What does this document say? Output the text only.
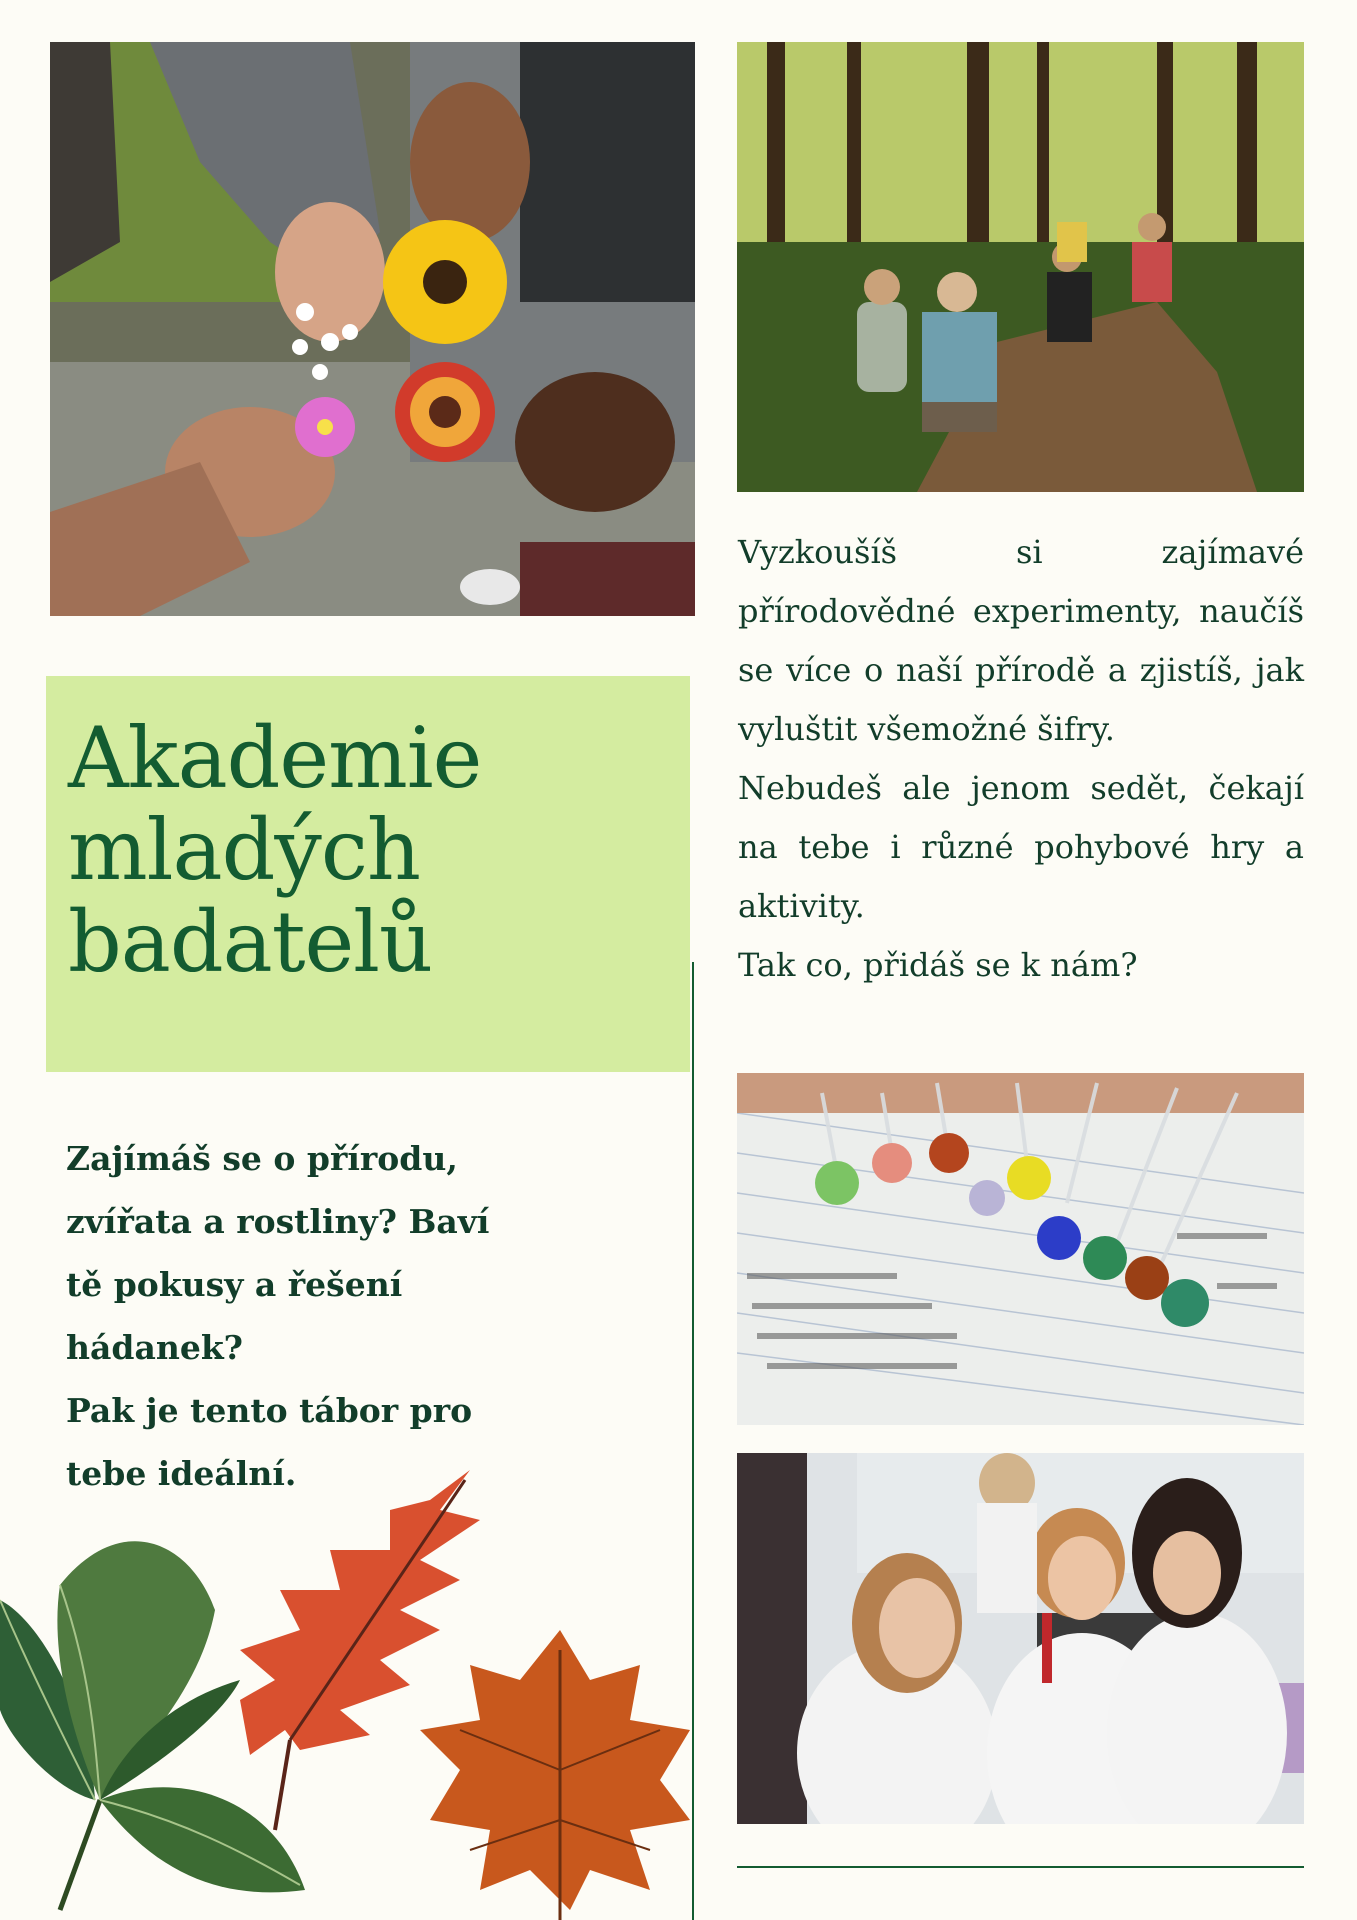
Akademie
mladých
badatelů

Vyzkoušíš si zajímavé přírodovědné experimenty, naučíš se více o naší přírodě a zjistíš, jak vyluštit všemožné šifry.

Nebudeš ale jenom sedět, čekají na tebe i různé pohybové hry a aktivity.

Tak co, přidáš se k nám?

Zajímáš se o přírodu,

zvířata a rostliny? Baví

tě pokusy a řešení

hádanek?

Pak je tento tábor pro

tebe ideální.
